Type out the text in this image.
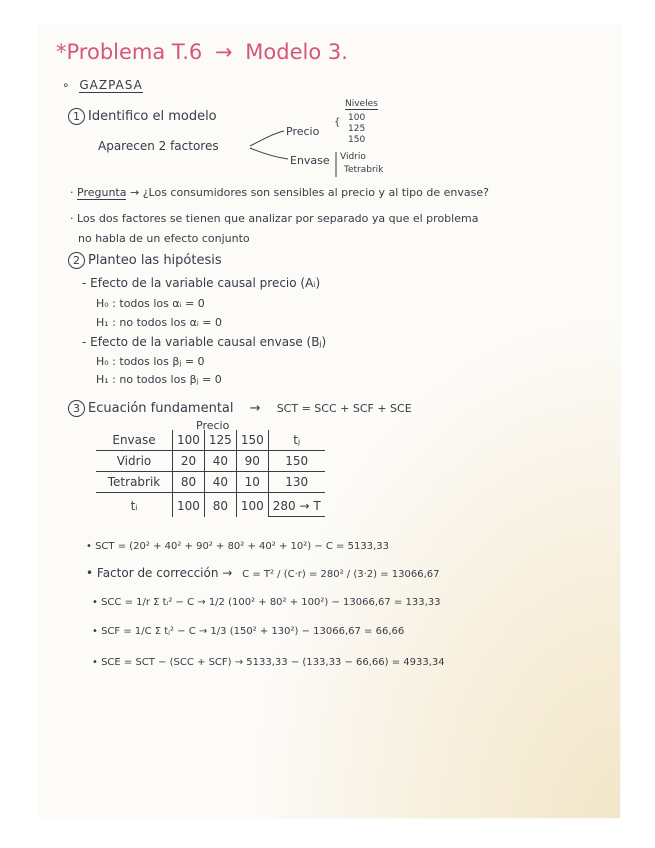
*Problema T.6 → Modelo 3.
∘ GAZPASA
1 Identifico el modelo
Aparecen 2 factores
Niveles
Precio
{ 100
125
150
Envase Vidrio
Tetrabrik
· Pregunta → ¿Los consumidores son sensibles al precio y al tipo de envase?
· Los dos factores se tienen que analizar por separado ya que el problema
no habla de un efecto conjunto
2 Planteo las hipótesis
- Efecto de la variable causal precio (Aᵢ)
H₀ : todos los αᵢ = 0
H₁ : no todos los αᵢ = 0
- Efecto de la variable causal envase (Bⱼ)
H₀ : todos los βⱼ = 0
H₁ : no todos los βⱼ = 0
3 Ecuación fundamental → SCT = SCC + SCF + SCE
Precio
Envase	100	125	150	tⱼ
Vidrio	20	40	90	150
Tetrabrik	80	40	10	130
tᵢ	100	80	100	280 → T
• SCT = (20² + 40² + 90² + 80² + 40² + 10²) − C = 5133,33
• Factor de corrección → C = T² / (C·r) = 280² / (3·2) = 13066,67
• SCC = 1/r Σ tᵢ² − C → 1/2 (100² + 80² + 100²) − 13066,67 = 133,33
• SCF = 1/C Σ tⱼ² − C → 1/3 (150² + 130²) − 13066,67 = 66,66
• SCE = SCT − (SCC + SCF) → 5133,33 − (133,33 − 66,66) = 4933,34
